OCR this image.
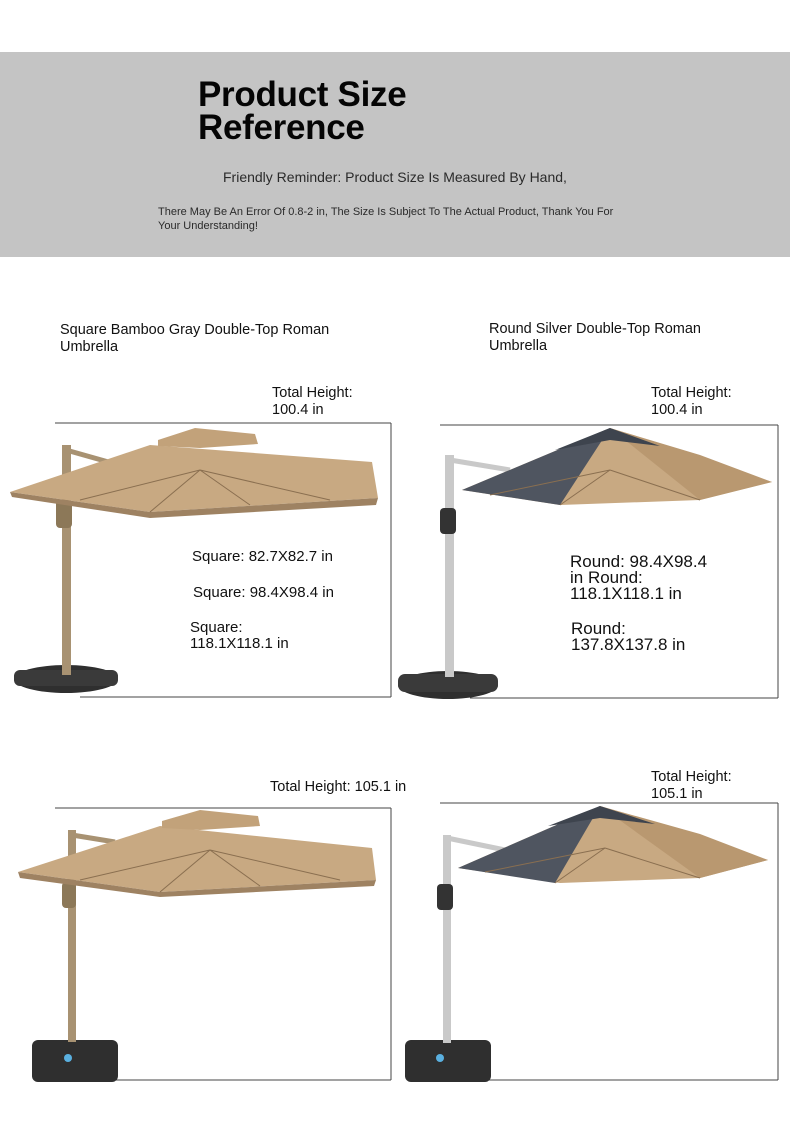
Product Size
Reference
Friendly Reminder: Product Size Is Measured By Hand,
There May Be An Error Of 0.8-2 in, The Size Is Subject To The Actual Product, Thank You For Your Understanding!
Square Bamboo Gray Double-Top Roman
Umbrella
Round Silver Double-Top Roman
Umbrella
Total Height:
100.4 in
Square: 82.7X82.7 in
Square: 98.4X98.4 in
Square:
118.1X118.1 in
Total Height:
100.4 in
Round: 98.4X98.4
in Round:
118.1X118.1 in
Round:
137.8X137.8 in
Total Height: 105.1 in
Total Height:
105.1 in
